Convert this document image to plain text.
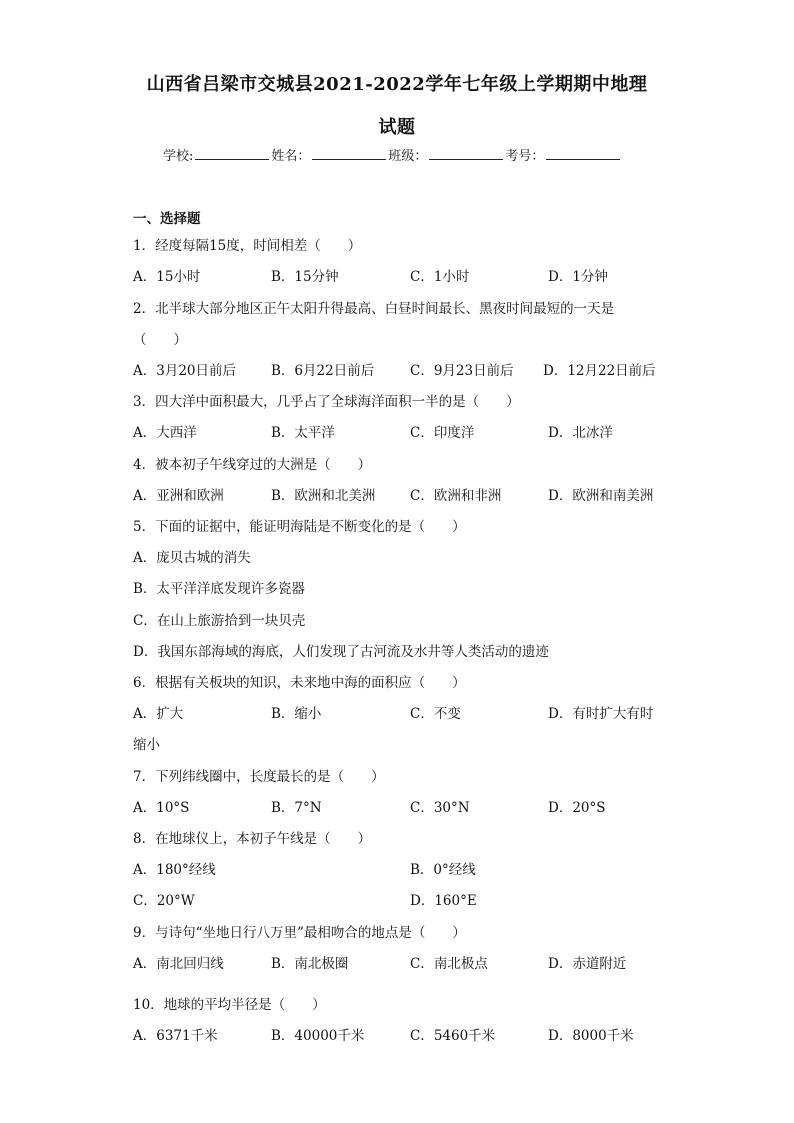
山西省吕梁市交城县2021-2022学年七年级上学期期中地理
试题
学校:	姓名：	班级：	考号：
一、选择题
1．经度每隔15度，时间相差（　　）
A．15小时	B．15分钟	C．1小时	D．1分钟
2．北半球大部分地区正午太阳升得最高、白昼时间最长、黑夜时间最短的一天是
（　　）
A．3月20日前后	B．6月22日前后	C．9月23日前后 D．12月22日前后
3．四大洋中面积最大，几乎占了全球海洋面积一半的是（　　）
A．大西洋	B．太平洋	C．印度洋	D．北冰洋
4．被本初子午线穿过的大洲是（　　）
A．亚洲和欧洲	B．欧洲和北美洲	C．欧洲和非洲	D．欧洲和南美洲
5．下面的证据中，能证明海陆是不断变化的是（　　）
A．庞贝古城的消失
B．太平洋洋底发现许多瓷器
C．在山上旅游拾到一块贝壳
D．我国东部海域的海底，人们发现了古河流及水井等人类活动的遗迹
6．根据有关板块的知识，未来地中海的面积应（　　）
A．扩大	B．缩小	C．不变	D．有时扩大有时
缩小
7．下列纬线圈中，长度最长的是（　　）
A．10°S	B．7°N	C．30°N	D．20°S
8．在地球仪上，本初子午线是（　　）
A．180°经线	B．0°经线
C．20°W	D．160°E
9．与诗句“坐地日行八万里”最相吻合的地点是（　　）
A．南北回归线	B．南北极圈	C．南北极点	D．赤道附近
10．地球的平均半径是（　　）
A．6371千米	B．40000千米	C．5460千米	D．8000千米
